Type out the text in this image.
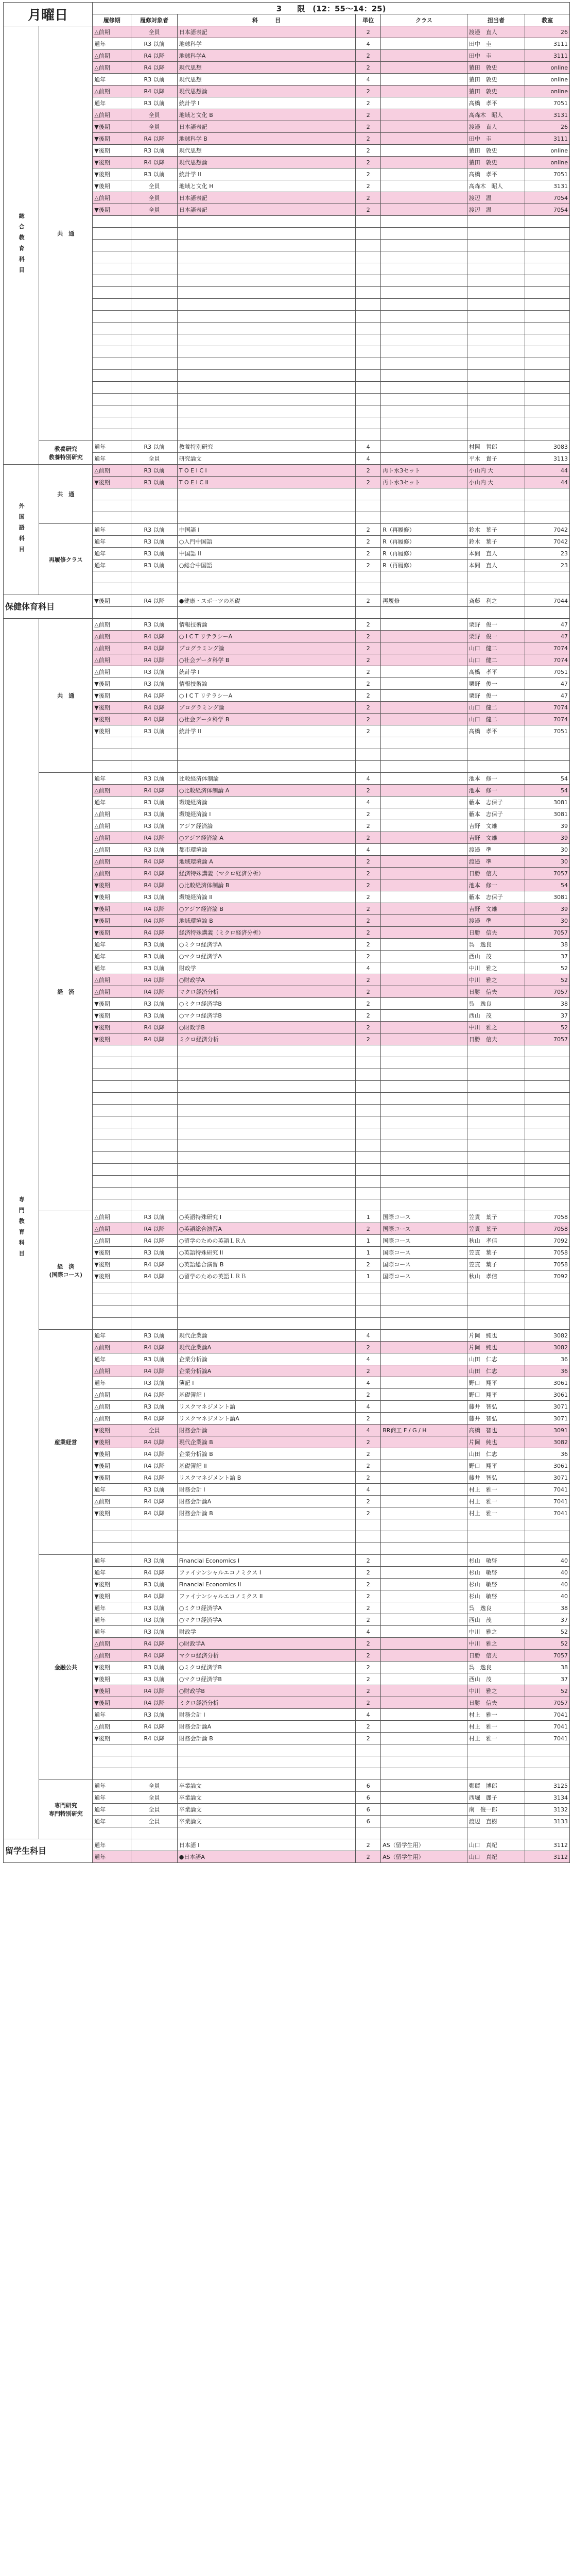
月曜日		3　　限　(12：55～14：25)						
		履修期	履修対象者	科　　　目	単位	クラス	担当者	教室
総合教育科目	共　通	△前期	全員	日本語表記	2		渡邉　直人	26
		通年	R3 以前	地球科学	4		田中　圭	3111
		△前期	R4 以降	地球科学A	2		田中　圭	3111
		△前期	R4 以降	現代思想	2		猿田　敦史	online
		通年	R3 以前	現代思想	4		猿田　敦史	online
		△前期	R4 以降	現代思想論	2		猿田　敦史	online
		通年	R3 以前	統計学 I	2		髙橋　孝平	7051
		△前期	全員	地域と文化 B	2		髙森木　昭人	3131
		▼後期	全員	日本語表記	2		渡邉　直人	26
		▼後期	R4 以降	地球科学 B	2		田中　圭	3111
		▼後期	R3 以前	現代思想	2		猿田　敦史	online
		▼後期	R4 以降	現代思想論	2		猿田　敦史	online
		▼後期	R3 以前	統計学 II	2		髙橋　孝平	7051
		▼後期	全員	地域と文化 H	2		髙森木　昭人	3131
		△前期	全員	日本語表記	2		渡辺　温	7054
		▼後期	全員	日本語表記	2		渡辺　温	7054

	教養研究
教養特別研究	通年	R3 以前	教養特別研究	4		村岡　哲郎	3083
		通年	全員	研究論文	4		平木　貴子	3113
外国語科目	共　通	△前期	R3 以前	T O E I C I	2	再ト水3セット	小山内 大	44
		▼後期	R3 以前	T O E I C II	2	再ト水3セット	小山内 大	44

	再履修クラス	通年	R3 以前	中国語 I	2	R（再履修）	鈴木　葉子	7042
		通年	R3 以前	○入門中国語	2	R（再履修）	鈴木　葉子	7042
		通年	R3 以前	中国語 II	2	R（再履修）	本間　直人	23
		通年	R3 以前	○総合中国語	2	R（再履修）	本間　直人	23

保健体育科目		▼後期	R4 以降	●健康・スポーツの基礎	2	再履修	斎藤　利之	7044

専門教育科目	共　通	△前期	R3 以前	情報技術論	2		栗野　俊一	47
		△前期	R4 以降	○ I C T リテラシーA	2		栗野　俊一	47
		△前期	R4 以降	プログラミング論	2		山口　健二	7074
		△前期	R4 以降	○社会データ科学 B	2		山口　健二	7074
		△前期	R3 以前	統計学 I	2		髙橋　孝平	7051
		▼後期	R3 以前	情報技術論	2		栗野　俊一	47
		▼後期	R4 以降	○ I C T リテラシーA	2		栗野　俊一	47
		▼後期	R4 以降	プログラミング論	2		山口　健二	7074
		▼後期	R4 以降	○社会データ科学 B	2		山口　健二	7074
		▼後期	R3 以前	統計学 II	2		髙橋　孝平	7051

	経　済	通年	R3 以前	比較経済体制論	4		池本　修一	54
		△前期	R4 以降	○比較経済体制論 A	2		池本　修一	54
		通年	R3 以前	環境経済論	4		藪本　志保子	3081
		△前期	R3 以前	環境経済論 I	2		藪本　志保子	3081
		△前期	R3 以前	アジア経済論	2		吉野　文雄	39
		△前期	R4 以降	○アジア経済論 A	2		吉野　文雄	39
		△前期	R3 以前	都市環境論	4		渡邉　準	30
		△前期	R4 以降	地域環境論 A	2		渡邉　準	30
		△前期	R4 以降	経済特殊講義（マクロ経済分析）	2		日勝　信夫	7057
		▼後期	R4 以降	○比較経済体制論 B	2		池本　修一	54
		▼後期	R3 以前	環境経済論 II	2		藪本　志保子	3081
		▼後期	R4 以降	○アジア経済論 B	2		吉野　文雄	39
		▼後期	R4 以降	地域環境論 B	2		渡邉　準	30
		▼後期	R4 以降	経済特殊講義（ミクロ経済分析）	2		日勝　信夫	7057
		通年	R3 以前	○ミクロ経済学A	2		呉　逸良	38
		通年	R3 以前	○マクロ経済学A	2		西山　茂	37
		通年	R3 以前	財政学	4		中川　雅之	52
		△前期	R4 以降	○財政学A	2		中川　雅之	52
		△前期	R4 以降	マクロ経済分析	2		日勝　信夫	7057
		▼後期	R3 以前	○ミクロ経済学B	2		呉　逸良	38
		▼後期	R3 以前	○マクロ経済学B	2		西山　茂	37
		▼後期	R4 以降	○財政学B	2		中川　雅之	52
		▼後期	R4 以降	ミクロ経済分析	2		日勝　信夫	7057

	経　済
(国際コース)	△前期	R3 以前	○英語特殊研究 I	1	国際コース	笠貫　葉子	7058
		△前期	R4 以降	○英語総合演習A	2	国際コース	笠貫　葉子	7058
		△前期	R4 以降	○留学のための英語ＬＲＡ	1	国際コース	秋山　孝信	7092
		▼後期	R3 以前	○英語特殊研究 II	1	国際コース	笠貫　葉子	7058
		▼後期	R4 以降	○英語総合演習 B	2	国際コース	笠貫　葉子	7058
		▼後期	R4 以降	○留学のための英語ＬＲＢ	1	国際コース	秋山　孝信	7092

	産業経営	通年	R3 以前	現代企業論	4		片岡　純也	3082
		△前期	R4 以降	現代企業論A	2		片岡　純也	3082
		通年	R3 以前	企業分析論	4		山田　仁志	36
		△前期	R4 以降	企業分析論A	2		山田　仁志	36
		通年	R3 以前	簿記 I	4		野口　翔平	3061
		△前期	R4 以降	基礎簿記 I	2		野口　翔平	3061
		△前期	R3 以前	リスクマネジメント論	4		藤井　智弘	3071
		△前期	R4 以降	リスクマネジメント論A	2		藤井　智弘	3071
		▼後期	全員	財務会計論	4	BR商工 F / G / H	高橋　智也	3091
		▼後期	R4 以降	現代企業論 B	2		片岡　純也	3082
		▼後期	R4 以降	企業分析論 B	2		山田　仁志	36
		▼後期	R4 以降	基礎簿記 II	2		野口　翔平	3061
		▼後期	R4 以降	リスクマネジメント論 B	2		藤井　智弘	3071
		通年	R3 以前	財務会計 I	4		村上　雅一	7041
		△前期	R4 以降	財務会計論A	2		村上　雅一	7041
		▼後期	R4 以降	財務会計論 B	2		村上　雅一	7041

	金融公共	通年	R3 以前	Financial Economics I	2		杉山　敏啓	40
		通年	R4 以降	ファイナンシャルエコノミクス I	2		杉山　敏啓	40
		▼後期	R3 以前	Financial Economics II	2		杉山　敏啓	40
		▼後期	R4 以降	ファイナンシャルエコノミクス II	2		杉山　敏啓	40
		通年	R3 以前	○ミクロ経済学A	2		呉　逸良	38
		通年	R3 以前	○マクロ経済学A	2		西山　茂	37
		通年	R3 以前	財政学	4		中川　雅之	52
		△前期	R4 以降	○財政学A	2		中川　雅之	52
		△前期	R4 以降	マクロ経済分析	2		日勝　信夫	7057
		▼後期	R3 以前	○ミクロ経済学B	2		呉　逸良	38
		▼後期	R3 以前	○マクロ経済学B	2		西山　茂	37
		▼後期	R4 以降	○財政学B	2		中川　雅之	52
		▼後期	R4 以降	ミクロ経済分析	2		日勝　信夫	7057
		通年	R3 以前	財務会計 I	4		村上　雅一	7041
		△前期	R4 以降	財務会計論A	2		村上　雅一	7041
		▼後期	R4 以降	財務会計論 B	2		村上　雅一	7041

	専門研究
専門特別研究	通年	全員	卒業論文	6		鄭麗　博郎	3125
		通年	全員	卒業論文	6		西堀　麗子	3134
		通年	全員	卒業論文	6		南　俊一郎	3132
		通年	全員	卒業論文	6		渡辺　直樹	3133

留学生科目		通年		日本語 I	2	AS（留学生用）	山口　真紀	3112
		通年		●日本語A	2	AS（留学生用）	山口　真紀	3112
